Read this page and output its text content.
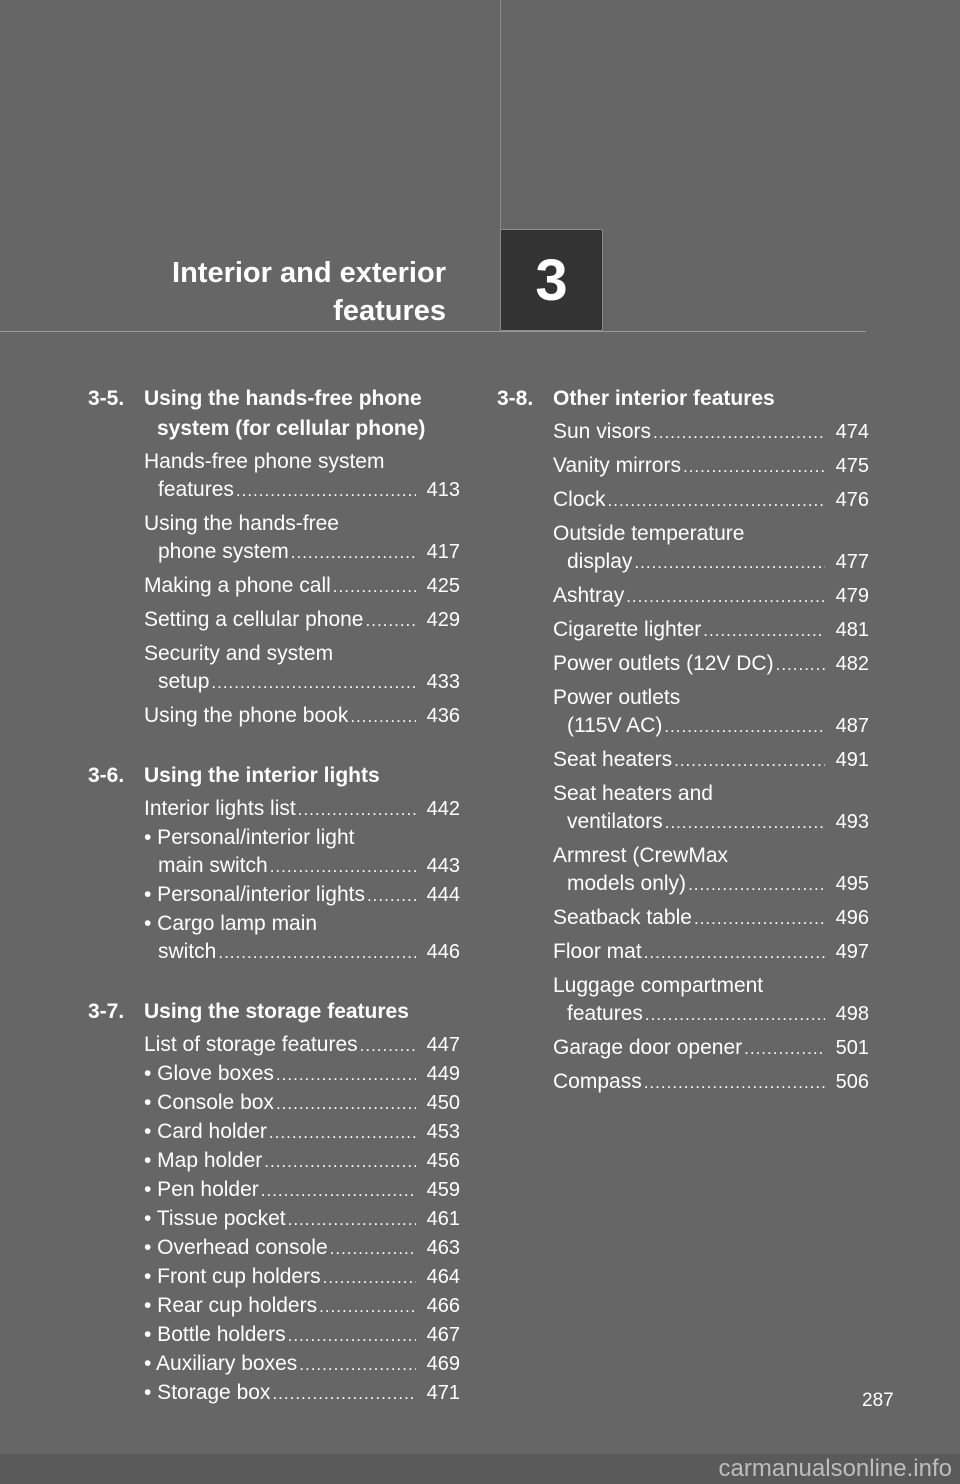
Interior and exterior
features 3
3-5. Using the hands-free phone
system (for cellular phone)
Hands-free phone system
features .....	413
Using the hands-free
phone system .....	417
Making a phone call .....	425
Setting a cellular phone .....	429
Security and system
setup .....	433
Using the phone book .....	436
3-6. Using the interior lights
Interior lights list .....	442
• Personal/interior light
main switch .....	443
• Personal/interior lights .....	444
• Cargo lamp main
switch .....	446
3-7. Using the storage features
List of storage features .....	447
• Glove boxes .....	449
• Console box .....	450
• Card holder .....	453
• Map holder .....	456
• Pen holder .....	459
• Tissue pocket .....	461
• Overhead console .....	463
• Front cup holders .....	464
• Rear cup holders .....	466
• Bottle holders .....	467
• Auxiliary boxes .....	469
• Storage box .....	471
3-8. Other interior features
Sun visors .....	474
Vanity mirrors .....	475
Clock .....	476
Outside temperature
display .....	477
Ashtray .....	479
Cigarette lighter .....	481
Power outlets (12V DC) .....	482
Power outlets
(115V AC) .....	487
Seat heaters .....	491
Seat heaters and
ventilators .....	493
Armrest (CrewMax
models only) .....	495
Seatback table .....	496
Floor mat .....	497
Luggage compartment
features .....	498
Garage door opener .....	501
Compass .....	506
287
carmanualsonline.info
